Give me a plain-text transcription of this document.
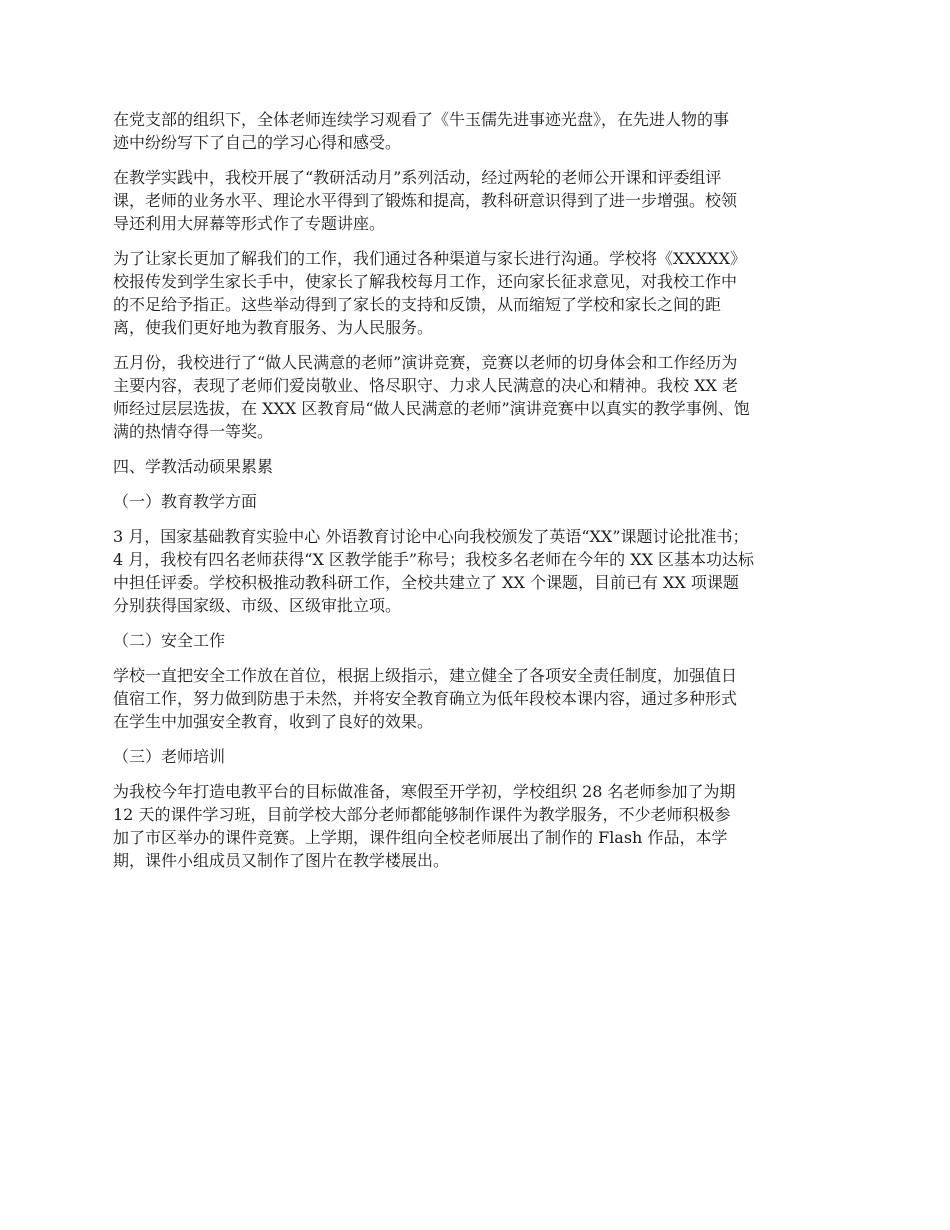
在党支部的组织下，全体老师连续学习观看了《牛玉儒先进事迹光盘》，在先进人物的事
迹中纷纷写下了自己的学习心得和感受。
在教学实践中，我校开展了“教研活动月”系列活动，经过两轮的老师公开课和评委组评
课，老师的业务水平、理论水平得到了锻炼和提高，教科研意识得到了进一步增强。校领
导还利用大屏幕等形式作了专题讲座。
为了让家长更加了解我们的工作，我们通过各种渠道与家长进行沟通。学校将《XXXXX》
校报传发到学生家长手中，使家长了解我校每月工作，还向家长征求意见，对我校工作中
的不足给予指正。这些举动得到了家长的支持和反馈，从而缩短了学校和家长之间的距
离，使我们更好地为教育服务、为人民服务。
五月份，我校进行了“做人民满意的老师”演讲竞赛，竞赛以老师的切身体会和工作经历为
主要内容，表现了老师们爱岗敬业、恪尽职守、力求人民满意的决心和精神。我校 XX 老
师经过层层选拔，在 XXX 区教育局“做人民满意的老师”演讲竞赛中以真实的教学事例、饱
满的热情夺得一等奖。
四、学教活动硕果累累
（一）教育教学方面
3 月，国家基础教育实验中心 外语教育讨论中心向我校颁发了英语“XX”课题讨论批准书；
4 月，我校有四名老师获得“X 区教学能手”称号；我校多名老师在今年的 XX 区基本功达标
中担任评委。学校积极推动教科研工作，全校共建立了 XX 个课题，目前已有 XX 项课题
分别获得国家级、市级、区级审批立项。
（二）安全工作
学校一直把安全工作放在首位，根据上级指示，建立健全了各项安全责任制度，加强值日
值宿工作，努力做到防患于未然，并将安全教育确立为低年段校本课内容，通过多种形式
在学生中加强安全教育，收到了良好的效果。
（三）老师培训
为我校今年打造电教平台的目标做准备，寒假至开学初，学校组织 28 名老师参加了为期
12 天的课件学习班，目前学校大部分老师都能够制作课件为教学服务，不少老师积极参
加了市区举办的课件竞赛。上学期，课件组向全校老师展出了制作的 Flash 作品，本学
期，课件小组成员又制作了图片在教学楼展出。
